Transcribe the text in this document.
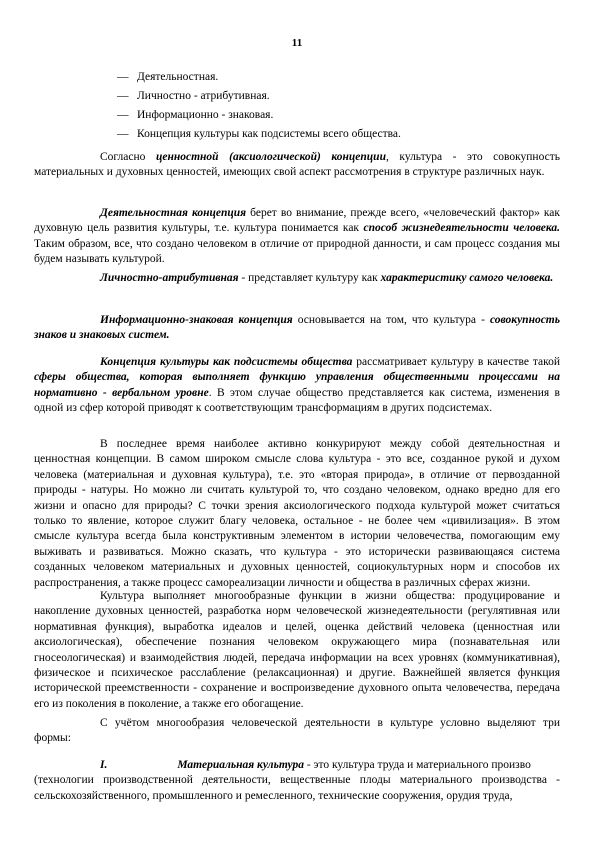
11
— Деятельностная.
— Личностно - атрибутивная.
— Информационно - знаковая.
— Концепция культуры как подсистемы всего общества.

Согласно ценностной (аксиологической) концепции, культура - это совокупность материальных и духовных ценностей, имеющих свой аспект рассмотрения в структуре различных наук.

Деятельностная концепция берет во внимание, прежде всего, «человеческий фактор» как духовную цель развития культуры, т.е. культура понимается как способ жизнедеятельности человека. Таким образом, все, что создано человеком в отличие от природной данности, и сам процесс создания мы будем называть культурой.

Личностно-атрибутивная - представляет культуру как характеристику самого человека.

Информационно-знаковая концепция основывается на том, что культура - совокупность знаков и знаковых систем.

Концепция культуры как подсистемы общества рассматривает культуру в качестве такой сферы общества, которая выполняет функцию управления общественными процессами на нормативно - вербальном уровне. В этом случае общество представляется как система, изменения в одной из сфер которой приводят к соответствующим трансформациям в других подсистемах.

В последнее время наиболее активно конкурируют между собой деятельностная и ценностная концепции. В самом широком смысле слова культура - это все, созданное рукой и духом человека (материальная и духовная культура), т.е. это «вторая природа», в отличие от первозданной природы - натуры. Но можно ли считать культурой то, что создано человеком, однако вредно для его жизни и опасно для природы? С точки зрения аксиологического подхода культурой может считаться только то явление, которое служит благу человека, остальное - не более чем «цивилизация». В этом смысле культура всегда была конструктивным элементом в истории человечества, помогающим ему выживать и развиваться. Можно сказать, что культура - это исторически развивающаяся система созданных человеком материальных и духовных ценностей, социокультурных норм и способов их распространения, а также процесс самореализации личности и общества в различных сферах жизни.

Культура выполняет многообразные функции в жизни общества: продуцирование и накопление духовных ценностей, разработка норм человеческой жизнедеятельности (регулятивная или нормативная функция), выработка идеалов и целей, оценка действий человека (ценностная или аксиологическая), обеспечение познания человеком окружающего мира (познавательная или гносеологическая) и взаимодействия людей, передача информации на всех уровнях (коммуникативная), физическое и психическое расслабление (релаксационная) и другие. Важнейшей является функция исторической преемственности - сохранение и воспроизведение духовного опыта человечества, передача его из поколения в поколение, а также его обогащение.

С учётом многообразия человеческой деятельности в культуре условно выделяют три формы:

I.	Материальная культура - это культура труда и материального произво
(технологии производственной деятельности, вещественные плоды материального производства - сельскохозяйственного, промышленного и ремесленного, технические сооружения, орудия труда,
